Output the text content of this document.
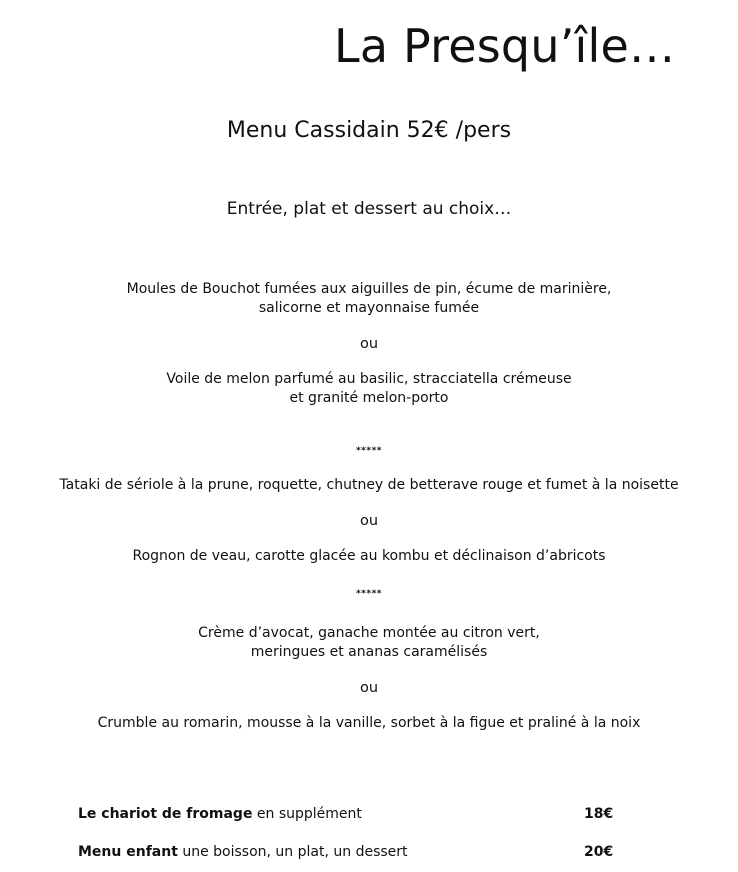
La Presqu’île…
Menu Cassidain 52€ /pers
Entrée, plat et dessert au choix…
Moules de Bouchot fumées aux aiguilles de pin, écume de marinière,
salicorne et mayonnaise fumée
ou
Voile de melon parfumé au basilic, stracciatella crémeuse
et granité melon-porto
*****
Tataki de sériole à la prune, roquette, chutney de betterave rouge et fumet à la noisette
ou
Rognon de veau, carotte glacée au kombu et déclinaison d’abricots
*****
Crème d’avocat, ganache montée au citron vert,
meringues et ananas caramélisés
ou
Crumble au romarin, mousse à la vanille, sorbet à la figue et praliné à la noix
Le chariot de fromage en supplément	18€
Menu enfant une boisson, un plat, un dessert	20€
